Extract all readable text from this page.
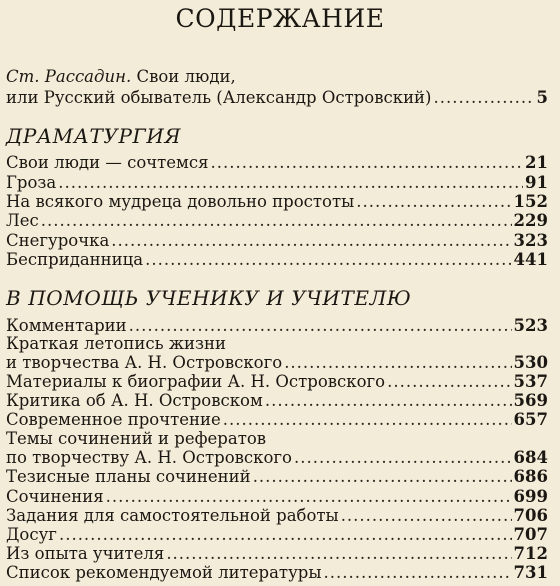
СОДЕРЖАНИЕ
Ст. Рассадин. Свои люди,
или Русский обыватель (Александр Островский) .....	5
ДРАМАТУРГИЯ
Свои люди — сочтемся .....	21
Гроза .....	91
На всякого мудреца довольно простоты .....	152
Лес .....	229
Снегурочка .....	323
Бесприданница .....	441
В ПОМОЩЬ УЧЕНИКУ И УЧИТЕЛЮ
Комментарии .....	523
Краткая летопись жизни
и творчества А. Н. Островского .....	530
Материалы к биографии А. Н. Островского .....	537
Критика об А. Н. Островском .....	569
Современное прочтение .....	657
Темы сочинений и рефератов
по творчеству А. Н. Островского .....	684
Тезисные планы сочинений .....	686
Сочинения .....	699
Задания для самостоятельной работы .....	706
Досуг .....	707
Из опыта учителя .....	712
Список рекомендуемой литературы .....	731
